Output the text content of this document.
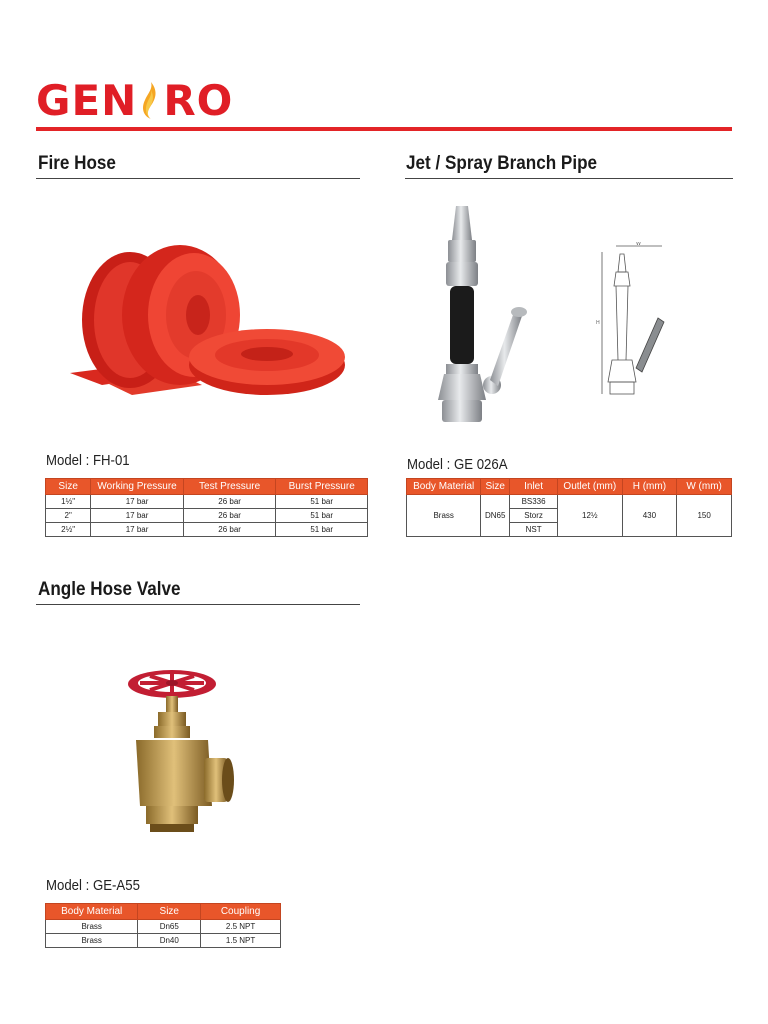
GEN RO
Fire Hose
Model : FH-01
Size	Working Pressure	Test Pressure	Burst Pressure
1½"	17 bar	26 bar	51 bar
2"	17 bar	26 bar	51 bar
2½"	17 bar	26 bar	51 bar
Jet / Spray Branch Pipe
W
H
Model : GE 026A
Body Material	Size	Inlet	Outlet (mm)	H (mm)	W (mm)
Brass	DN65	BS336	12½	430	150
		Storz			
		NST			
Angle Hose Valve
Model : GE-A55
Body Material	Size	Coupling
Brass	Dn65	2.5 NPT
Brass	Dn40	1.5 NPT
